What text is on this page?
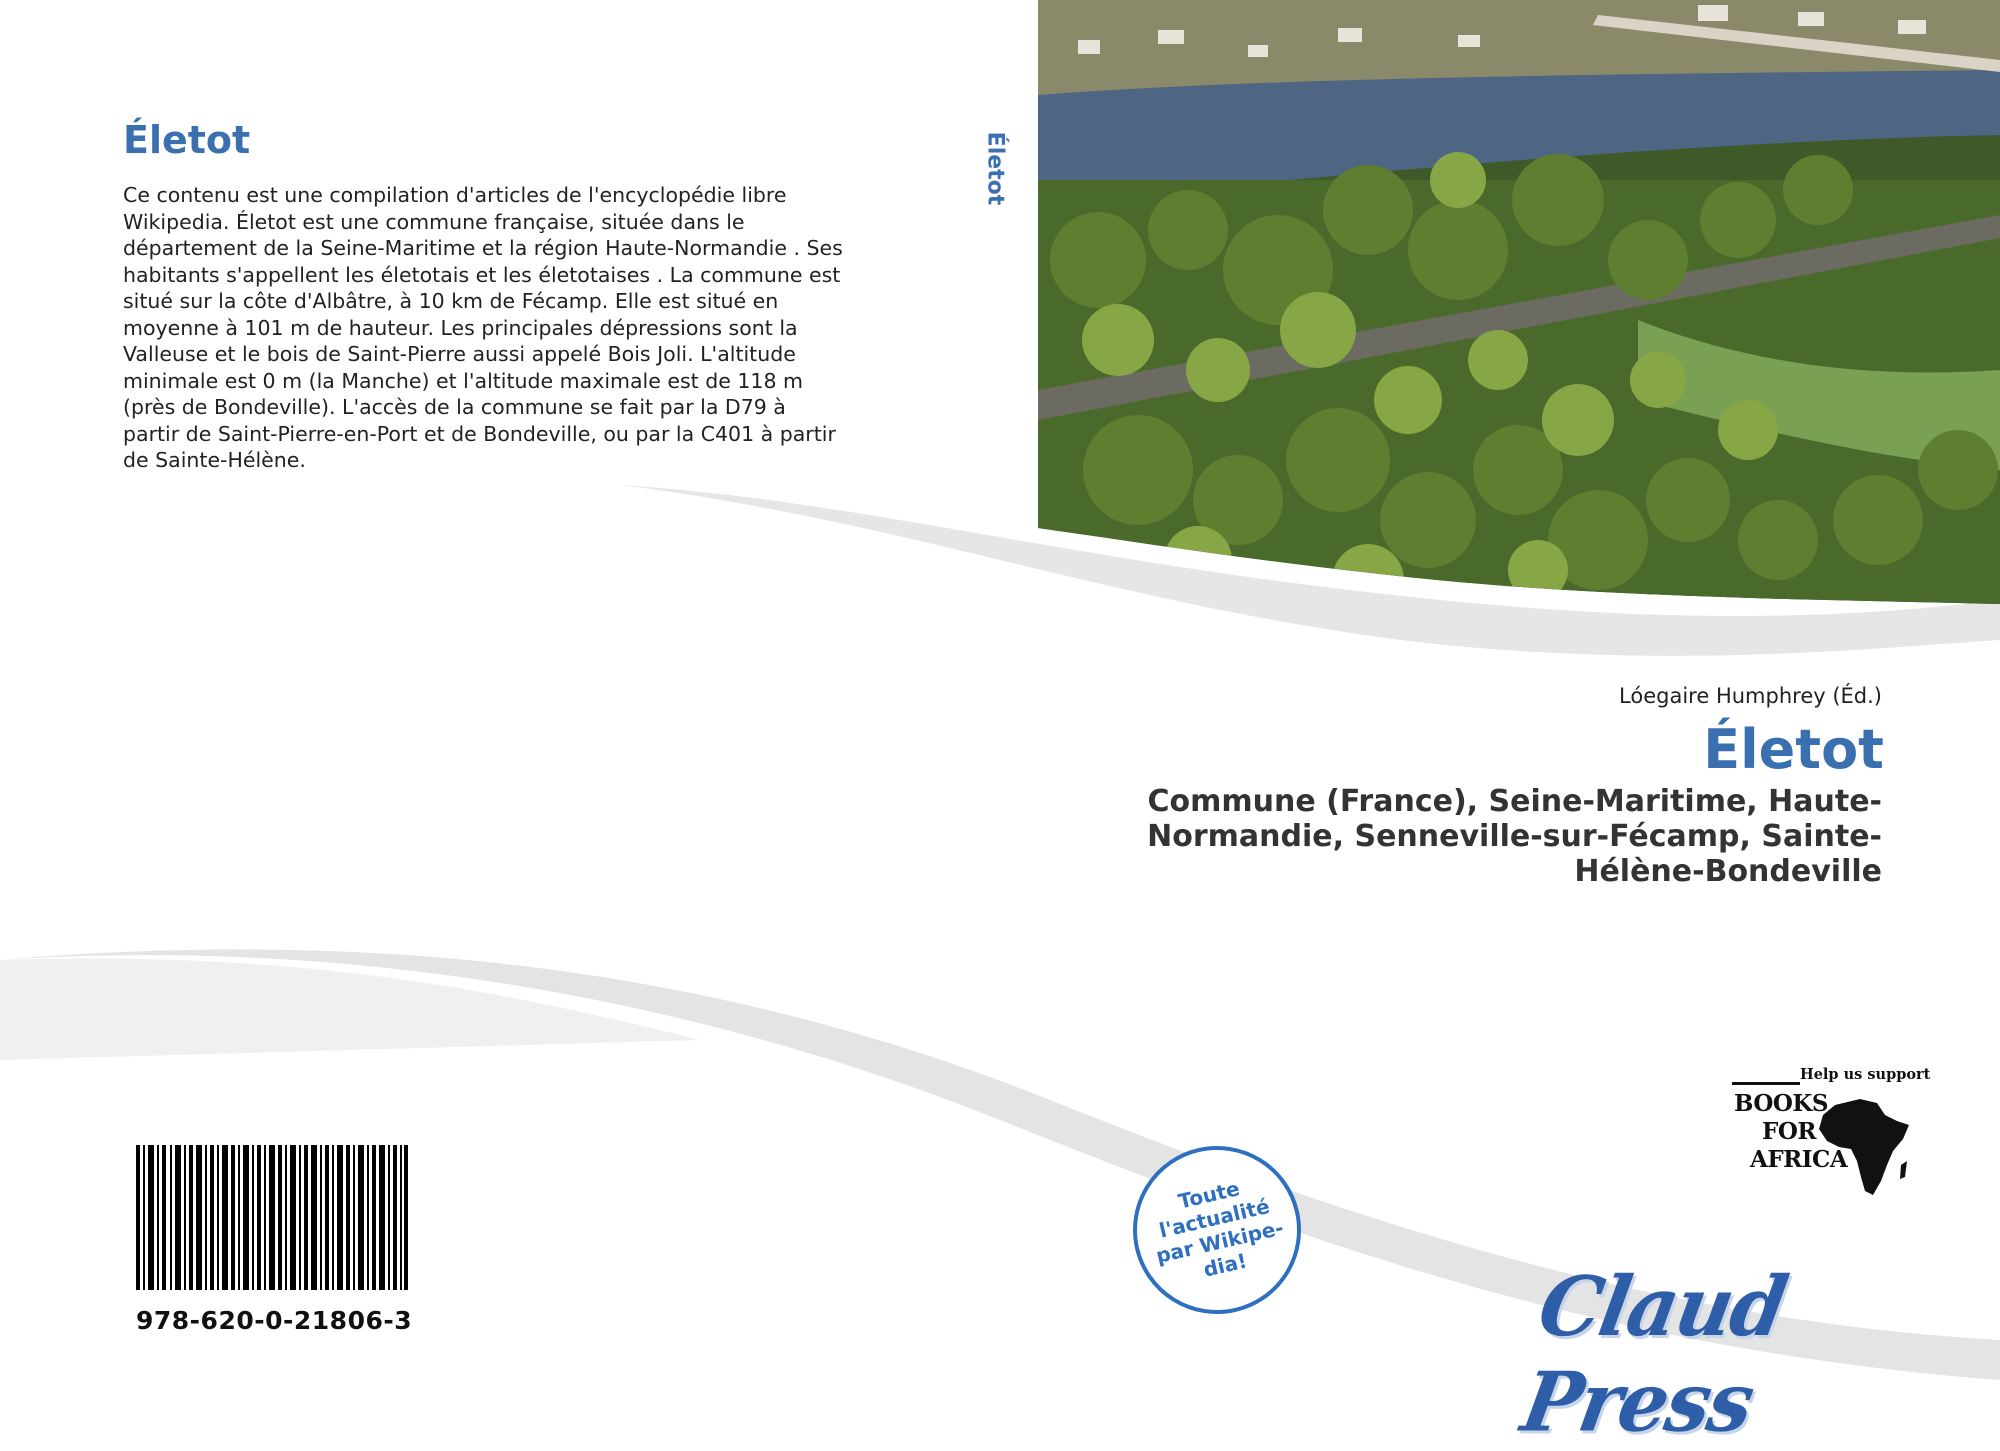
Életot

Ce contenu est une compilation d'articles de l'encyclopédie libre Wikipedia. Életot est une commune française, située dans le département de la Seine-Maritime et la région Haute-Normandie . Ses habitants s'appellent les életotais et les életotaises . La commune est situé sur la côte d'Albâtre, à 10 km de Fécamp. Elle est situé en moyenne à 101 m de hauteur. Les principales dépressions sont la Valleuse et le bois de Saint-Pierre aussi appelé Bois Joli. L'altitude minimale est 0 m (la Manche) et l'altitude maximale est de 118 m (près de Bondeville). L'accès de la commune se fait par la D79 à partir de Saint-Pierre-en-Port et de Bondeville, ou par la C401 à partir de Sainte-Hélène.

Életot

Lóegaire Humphrey (Éd.)

Életot

Commune (France), Seine-Maritime, Haute-Normandie, Senneville-sur-Fécamp, Sainte-Hélène-Bondeville

978-620-0-21806-3

Toute l'actualité par Wikipe-dia!

Help us support

BOOKS

FOR

AFRICA

Claud Press
